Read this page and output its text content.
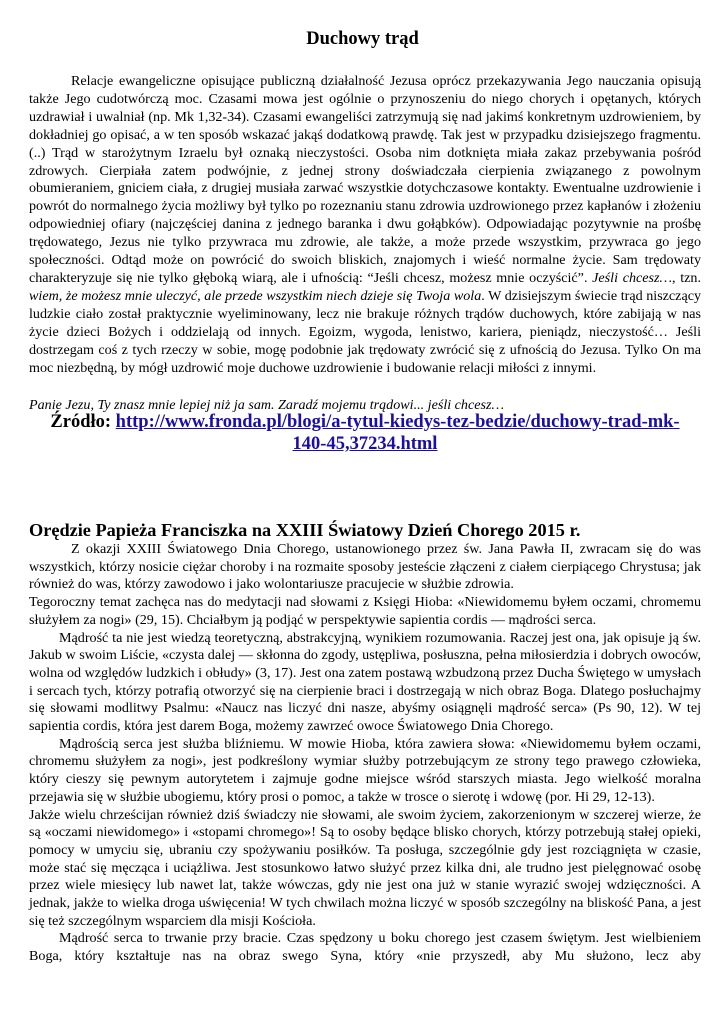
Duchowy trąd

Relacje ewangeliczne opisujące publiczną działalność Jezusa oprócz przekazywania Jego nauczania opisują także Jego cudotwórczą moc. Czasami mowa jest ogólnie o przynoszeniu do niego chorych i opętanych, których uzdrawiał i uwalniał (np. Mk 1,32-34). Czasami ewangeliści zatrzymują się nad jakimś konkretnym uzdrowieniem, by dokładniej go opisać, a w ten sposób wskazać jakąś dodatkową prawdę. Tak jest w przypadku dzisiejszego fragmentu. (..) Trąd w starożytnym Izraelu był oznaką nieczystości. Osoba nim dotknięta miała zakaz przebywania pośród zdrowych. Cierpiała zatem podwójnie, z jednej strony doświadczała cierpienia związanego z powolnym obumieraniem, gniciem ciała, z drugiej musiała zarwać wszystkie dotychczasowe kontakty. Ewentualne uzdrowienie i powrót do normalnego życia możliwy był tylko po rozeznaniu stanu zdrowia uzdrowionego przez kapłanów i złożeniu odpowiedniej ofiary (najczęściej danina z jednego baranka i dwu gołąbków). Odpowiadając pozytywnie na prośbę trędowatego, Jezus nie tylko przywraca mu zdrowie, ale także, a może przede wszystkim, przywraca go jego społeczności. Odtąd może on powrócić do swoich bliskich, znajomych i wieść normalne życie. Sam trędowaty charakteryzuje się nie tylko głęboką wiarą, ale i ufnością: “Jeśli chcesz, możesz mnie oczyścić”. Jeśli chcesz…, tzn. wiem, że możesz mnie uleczyć, ale przede wszystkim niech dzieje się Twoja wola. W dzisiejszym świecie trąd niszczący ludzkie ciało został praktycznie wyeliminowany, lecz nie brakuje różnych trądów duchowych, które zabijają w nas życie dzieci Bożych i oddzielają od innych. Egoizm, wygoda, lenistwo, kariera, pieniądz, nieczystość… Jeśli dostrzegam coś z tych rzeczy w sobie, mogę podobnie jak trędowaty zwrócić się z ufnością do Jezusa. Tylko On ma moc niezbędną, by mógł uzdrowić moje duchowe uzdrowienie i budowanie relacji miłości z innymi.

Panie Jezu, Ty znasz mnie lepiej niż ja sam. Zaradź mojemu trądowi... jeśli chcesz…
Źródło: http://www.fronda.pl/blogi/a-tytul-kiedys-tez-bedzie/duchowy-trad-mk-
140-45,37234.html
Orędzie Papieża Franciszka na XXIII Światowy Dzień Chorego 2015 r.

Z okazji XXIII Światowego Dnia Chorego, ustanowionego przez św. Jana Pawła II, zwracam się do was wszystkich, którzy nosicie ciężar choroby i na rozmaite sposoby jesteście złączeni z ciałem cierpiącego Chrystusa; jak również do was, którzy zawodowo i jako wolontariusze pracujecie w służbie zdrowia.

Tegoroczny temat zachęca nas do medytacji nad słowami z Księgi Hioba: «Niewidomemu byłem oczami, chromemu służyłem za nogi» (29, 15). Chciałbym ją podjąć w perspektywie sapientia cordis — mądrości serca.

Mądrość ta nie jest wiedzą teoretyczną, abstrakcyjną, wynikiem rozumowania. Raczej jest ona, jak opisuje ją św. Jakub w swoim Liście, «czysta dalej — skłonna do zgody, ustępliwa, posłuszna, pełna miłosierdzia i dobrych owoców, wolna od względów ludzkich i obłudy» (3, 17). Jest ona zatem postawą wzbudzoną przez Ducha Świętego w umysłach i sercach tych, którzy potrafią otworzyć się na cierpienie braci i dostrzegają w nich obraz Boga. Dlatego posłuchajmy się słowami modlitwy Psalmu: «Naucz nas liczyć dni nasze, abyśmy osiągnęli mądrość serca» (Ps 90, 12). W tej sapientia cordis, która jest darem Boga, możemy zawrzeć owoce Światowego Dnia Chorego.

Mądrością serca jest służba bliźniemu. W mowie Hioba, która zawiera słowa: «Niewidomemu byłem oczami, chromemu służyłem za nogi», jest podkreślony wymiar służby potrzebującym ze strony tego prawego człowieka, który cieszy się pewnym autorytetem i zajmuje godne miejsce wśród starszych miasta. Jego wielkość moralna przejawia się w służbie ubogiemu, który prosi o pomoc, a także w trosce o sierotę i wdowę (por. Hi 29, 12-13).

Jakże wielu chrześcijan również dziś świadczy nie słowami, ale swoim życiem, zakorzenionym w szczerej wierze, że są «oczami niewidomego» i «stopami chromego»! Są to osoby będące blisko chorych, którzy potrzebują stałej opieki, pomocy w umyciu się, ubraniu czy spożywaniu posiłków. Ta posługa, szczególnie gdy jest rozciągnięta w czasie, może stać się męcząca i uciążliwa. Jest stosunkowo łatwo służyć przez kilka dni, ale trudno jest pielęgnować osobę przez wiele miesięcy lub nawet lat, także wówczas, gdy nie jest ona już w stanie wyrazić swojej wdzięczności. A jednak, jakże to wielka droga uświęcenia! W tych chwilach można liczyć w sposób szczególny na bliskość Pana, a jest się też szczególnym wsparciem dla misji Kościoła.

Mądrość serca to trwanie przy bracie. Czas spędzony u boku chorego jest czasem świętym. Jest wielbieniem Boga, który kształtuje nas na obraz swego Syna, który «nie przyszedł, aby Mu służono, lecz aby
